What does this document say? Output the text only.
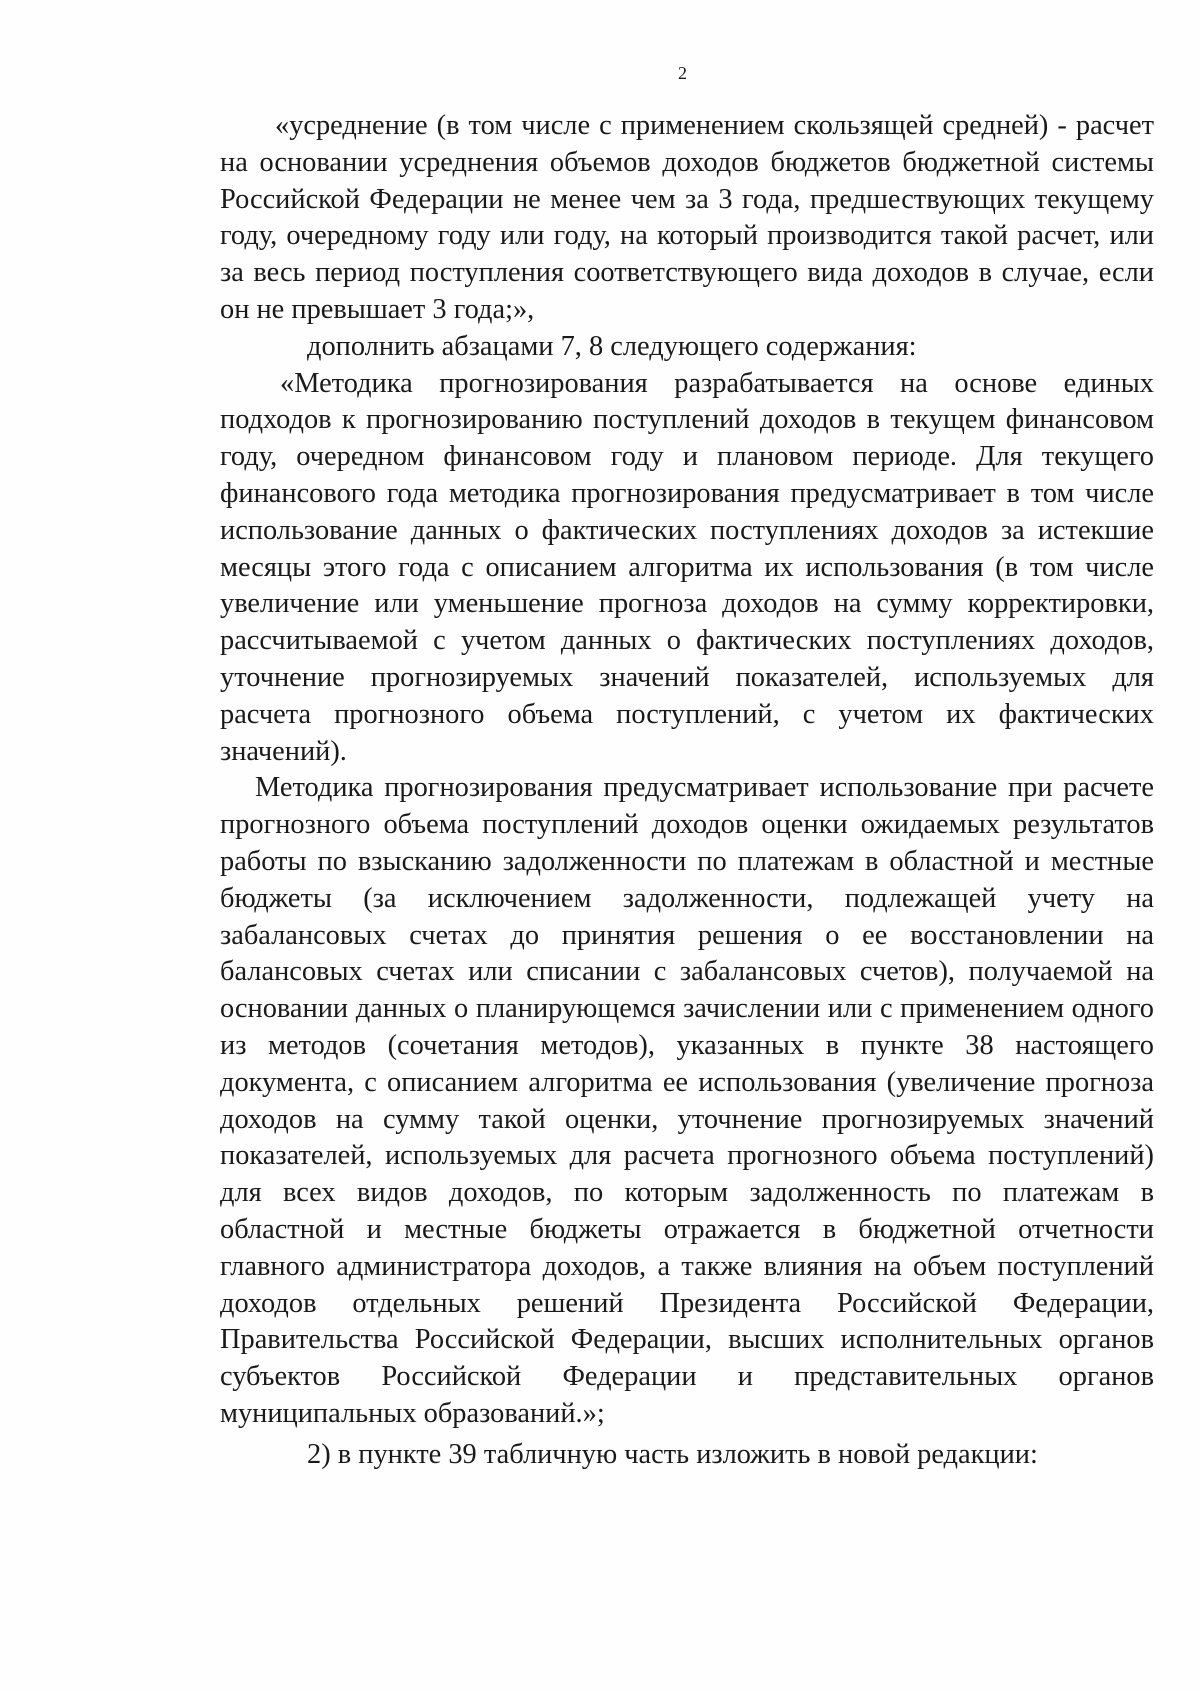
2

«усреднение (в том числе с применением скользящей средней) - расчет на основании усреднения объемов доходов бюджетов бюджетной системы Российской Федерации не менее чем за 3 года, предшествующих текущему году, очередному году или году, на который производится такой расчет, или за весь период поступления соответствующего вида доходов в случае, если он не превышает 3 года;»,

дополнить абзацами 7, 8 следующего содержания:

«Методика прогнозирования разрабатывается на основе единых подходов к прогнозированию поступлений доходов в текущем финансовом году, очередном финансовом году и плановом периоде. Для текущего финансового года методика прогнозирования предусматривает в том числе использование данных о фактических поступлениях доходов за истекшие месяцы этого года с описанием алгоритма их использования (в том числе увеличение или уменьшение прогноза доходов на сумму корректировки, рассчитываемой с учетом данных о фактических поступлениях доходов, уточнение прогнозируемых значений показателей, используемых для расчета прогнозного объема поступлений, с учетом их фактических значений).

Методика прогнозирования предусматривает использование при расчете прогнозного объема поступлений доходов оценки ожидаемых результатов работы по взысканию задолженности по платежам в областной и местные бюджеты (за исключением задолженности, подлежащей учету на забалансовых счетах до принятия решения о ее восстановлении на балансовых счетах или списании с забалансовых счетов), получаемой на основании данных о планирующемся зачислении или с применением одного из методов (сочетания методов), указанных в пункте 38 настоящего документа, с описанием алгоритма ее использования (увеличение прогноза доходов на сумму такой оценки, уточнение прогнозируемых значений показателей, используемых для расчета прогнозного объема поступлений) для всех видов доходов, по которым задолженность по платежам в областной и местные бюджеты отражается в бюджетной отчетности главного администратора доходов, а также влияния на объем поступлений доходов отдельных решений Президента Российской Федерации, Правительства Российской Федерации, высших исполнительных органов субъектов Российской Федерации и представительных органов муниципальных образований.»;

2) в пункте 39 табличную часть изложить в новой редакции:
